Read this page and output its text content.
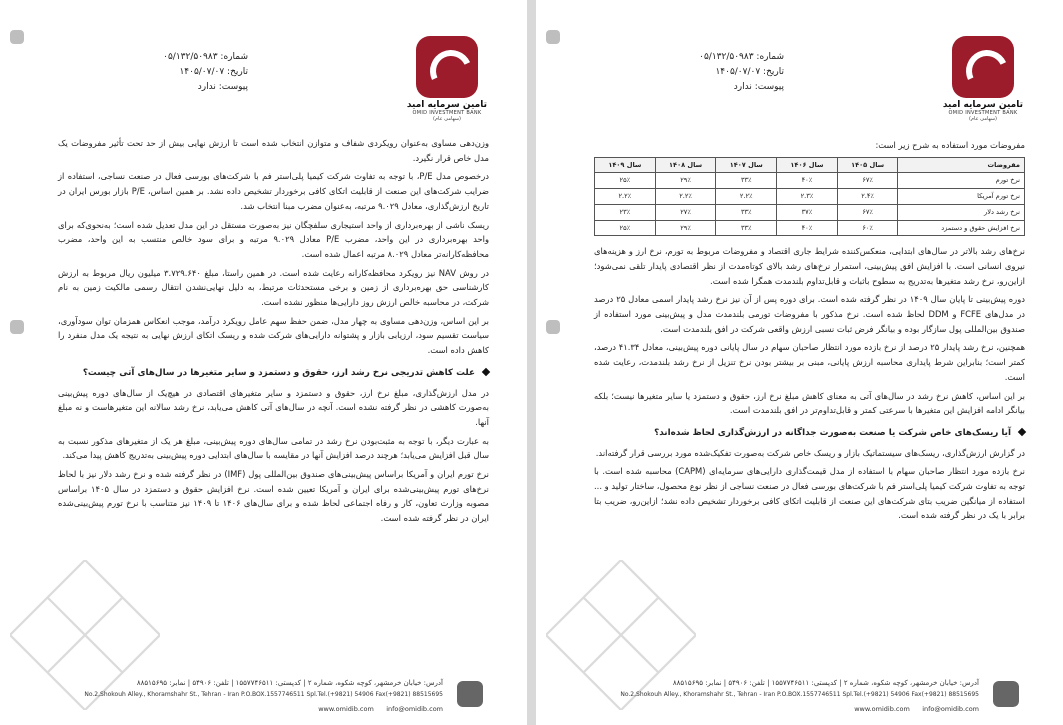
تامین سرمایه امید
OMID INVESTMENT BANK
(سهامی عام)
شماره: ۰۵/۱۳۲/۵۰۹۸۳
تاریخ: ۱۴۰۵/۰۷/۰۷
پیوست: ندارد

وزن‌دهی مساوی به‌عنوان رویکردی شفاف و متوازن انتخاب شده است تا ارزش نهایی بیش از حد تحت تأثیر مفروضات یک مدل خاص قرار نگیرد.

درخصوص مدل P/E، با توجه به تفاوت شرکت کیمیا پلی‌استر فم با شرکت‌های بورسی فعال در صنعت نساجی، استفاده از ضرایب شرکت‌های این صنعت از قابلیت اتکای کافی برخوردار تشخیص داده نشد. بر همین اساس، P/E بازار بورس ایران در تاریخ ارزش‌گذاری، معادل ۹.۰۲۹ مرتبه، به‌عنوان مضرب مبنا انتخاب شد.

ریسک ناشی از بهره‌برداری از واحد استیجاری سلفچگان نیز به‌صورت مستقل در این مدل تعدیل شده است؛ به‌نحوی‌که برای واحد بهره‌برداری در این واحد، مضرب P/E معادل ۹.۰۲۹ مرتبه و برای سود خالص منتسب به این واحد، مضرب محافظه‌کارانه‌تر معادل ۸.۰۲۹ مرتبه اعمال شده است.

در روش NAV نیز رویکرد محافظه‌کارانه رعایت شده است. در همین راستا، مبلغ ۳.۷۲۹.۶۴۰ میلیون ریال مربوط به ارزش کارشناسی حق بهره‌برداری از زمین و برخی مستحدثات مرتبط، به دلیل نهایی‌نشدن انتقال رسمی مالکیت زمین به نام شرکت، در محاسبه خالص ارزش روز دارایی‌ها منظور نشده است.

بر این اساس، وزن‌دهی مساوی به چهار مدل، ضمن حفظ سهم عامل رویکرد درآمد، موجب انعکاس همزمان توان سودآوری، سیاست تقسیم سود، ارزیابی بازار و پشتوانه دارایی‌های شرکت شده و ریسک اتکای ارزش نهایی به نتیجه یک مدل منفرد را کاهش داده است.

علت کاهش تدریجی نرخ رشد ارز، حقوق و دستمزد و سایر متغیرها در سال‌های آتی چیست؟

در مدل ارزش‌گذاری، مبلغ نرخ ارز، حقوق و دستمزد و سایر متغیرهای اقتصادی در هیچ‌یک از سال‌های دوره پیش‌بینی به‌صورت کاهشی در نظر گرفته نشده است. آنچه در سال‌های آتی کاهش می‌یابد، نرخ رشد سالانه این متغیرهاست و نه مبلغ آنها.

به عبارت دیگر، با توجه به مثبت‌بودن نرخ رشد در تمامی سال‌های دوره پیش‌بینی، مبلغ هر یک از متغیرهای مذکور نسبت به سال قبل افزایش می‌یابد؛ هرچند درصد افزایش آنها در مقایسه با سال‌های ابتدایی دوره پیش‌بینی به‌تدریج کاهش پیدا می‌کند.

نرخ تورم ایران و آمریکا براساس پیش‌بینی‌های صندوق بین‌المللی پول (IMF) در نظر گرفته شده و نرخ رشد دلار نیز با لحاظ نرخ‌های تورم پیش‌بینی‌شده برای ایران و آمریکا تعیین شده است. نرخ افزایش حقوق و دستمزد در سال ۱۴۰۵ براساس مصوبه وزارت تعاون، کار و رفاه اجتماعی لحاظ شده و برای سال‌های ۱۴۰۶ تا ۱۴۰۹ نیز متناسب با نرخ تورم پیش‌بینی‌شده ایران در نظر گرفته شده است.

آدرس: خیابان خرمشهر، کوچه شکوه، شماره ۲ | کدپستی: ۱۵۵۷۷۴۶۵۱۱ | تلفن: ۵۴۹۰۶ | نمابر: ۸۸۵۱۵۶۹۵
No.2,Shokouh Alley., Khoramshahr St., Tehran - Iran P.O.BOX.1557746511 Spl.Tel.(+9821) 54906 Fax(+9821) 88515695
www.omidib.com info@omidib.com
تامین سرمایه امید
OMID INVESTMENT BANK
(سهامی عام)
شماره: ۰۵/۱۳۲/۵۰۹۸۳
تاریخ: ۱۴۰۵/۰۷/۰۷
پیوست: ندارد

مفروضات مورد استفاده به شرح زیر است:

مفروضات	سال ۱۴۰۵	سال ۱۴۰۶	سال ۱۴۰۷	سال ۱۴۰۸	سال ۱۴۰۹
نرخ تورم	۶۷٪	۴۰٪	۳۳٪	۲۹٪	۲۵٪
نرخ تورم آمریکا	۲.۴٪	۲.۳٪	۲.۲٪	۲.۲٪	۲.۲٪
نرخ رشد دلار	۶۷٪	۳۷٪	۳۳٪	۲۷٪	۲۳٪
نرخ افزایش حقوق و دستمزد	۶۰٪	۴۰٪	۳۳٪	۲۹٪	۲۵٪

نرخ‌های رشد بالاتر در سال‌های ابتدایی، منعکس‌کننده شرایط جاری اقتصاد و مفروضات مربوط به تورم، نرخ ارز و هزینه‌های نیروی انسانی است. با افزایش افق پیش‌بینی، استمرار نرخ‌های رشد بالای کوتاه‌مدت از نظر اقتصادی پایدار تلقی نمی‌شود؛ ازاین‌رو، نرخ رشد متغیرها به‌تدریج به سطوح باثبات و قابل‌تداوم بلندمدت همگرا شده است.

دوره پیش‌بینی تا پایان سال ۱۴۰۹ در نظر گرفته شده است. برای دوره پس از آن نیز نرخ رشد پایدار اسمی معادل ۲۵ درصد در مدل‌های FCFE و DDM لحاظ شده است. نرخ مذکور با مفروضات تورمی بلندمدت مدل و پیش‌بینی مورد استفاده از صندوق بین‌المللی پول سازگار بوده و بیانگر فرض ثبات نسبی ارزش واقعی شرکت در افق بلندمدت است.

همچنین، نرخ رشد پایدار ۲۵ درصد از نرخ بازده مورد انتظار صاحبان سهام در سال پایانی دوره پیش‌بینی، معادل ۴۱.۳۴ درصد، کمتر است؛ بنابراین شرط پایداری محاسبه ارزش پایانی، مبنی بر بیشتر بودن نرخ تنزیل از نرخ رشد بلندمدت، رعایت شده است.

بر این اساس، کاهش نرخ رشد در سال‌های آتی به معنای کاهش مبلغ نرخ ارز، حقوق و دستمزد یا سایر متغیرها نیست؛ بلکه بیانگر ادامه افزایش این متغیرها با سرعتی کمتر و قابل‌تداوم‌تر در افق بلندمدت است.

آیا ریسک‌های خاص شرکت یا صنعت به‌صورت جداگانه در ارزش‌گذاری لحاظ شده‌اند؟

در گزارش ارزش‌گذاری، ریسک‌های سیستماتیک بازار و ریسک خاص شرکت به‌صورت تفکیک‌شده مورد بررسی قرار گرفته‌اند.

نرخ بازده مورد انتظار صاحبان سهام با استفاده از مدل قیمت‌گذاری دارایی‌های سرمایه‌ای (CAPM) محاسبه شده است. با توجه به تفاوت شرکت کیمیا پلی‌استر فم با شرکت‌های بورسی فعال در صنعت نساجی از نظر نوع محصول، ساختار تولید و ... استفاده از میانگین ضریب بتای شرکت‌های این صنعت از قابلیت اتکای کافی برخوردار تشخیص داده نشد؛ ازاین‌رو، ضریب بتا برابر با یک در نظر گرفته شده است.

آدرس: خیابان خرمشهر، کوچه شکوه، شماره ۲ | کدپستی: ۱۵۵۷۷۴۶۵۱۱ | تلفن: ۵۴۹۰۶ | نمابر: ۸۸۵۱۵۶۹۵
No.2,Shokouh Alley., Khoramshahr St., Tehran - Iran P.O.BOX.1557746511 Spl.Tel.(+9821) 54906 Fax(+9821) 88515695
www.omidib.com info@omidib.com
